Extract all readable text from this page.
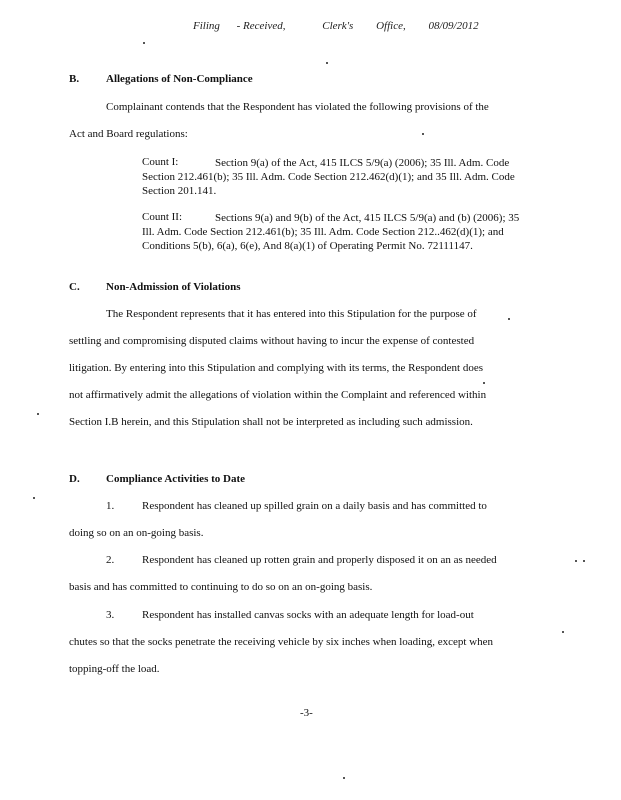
Filing - Received,	Clerk's Office, 08/09/2012
B. Allegations of Non-Compliance
Complainant contends that the Respondent has violated the following provisions of the
Act and Board regulations:
Count I:	Section 9(a) of the Act, 415 ILCS 5/9(a) (2006); 35 Ill. Adm. Code Section 212.461(b); 35 Ill. Adm. Code Section 212.462(d)(1); and 35 Ill. Adm. Code Section 201.141.
Count II:	Sections 9(a) and 9(b) of the Act, 415 ILCS 5/9(a) and (b) (2006); 35 Ill. Adm. Code Section 212.461(b); 35 Ill. Adm. Code Section 212..462(d)(1); and Conditions 5(b), 6(a), 6(e), And 8(a)(1) of Operating Permit No. 72111147.
C. Non-Admission of Violations
The Respondent represents that it has entered into this Stipulation for the purpose of
settling and compromising disputed claims without having to incur the expense of contested
litigation. By entering into this Stipulation and complying with its terms, the Respondent does
not affirmatively admit the allegations of violation within the Complaint and referenced within
Section I.B herein, and this Stipulation shall not be interpreted as including such admission.
D. Compliance Activities to Date
1.	Respondent has cleaned up spilled grain on a daily basis and has committed to
doing so on an on-going basis.
2.	Respondent has cleaned up rotten grain and properly disposed it on an as needed
basis and has committed to continuing to do so on an on-going basis.
3.	Respondent has installed canvas socks with an adequate length for load-out
chutes so that the socks penetrate the receiving vehicle by six inches when loading, except when
topping-off the load.
-3-
